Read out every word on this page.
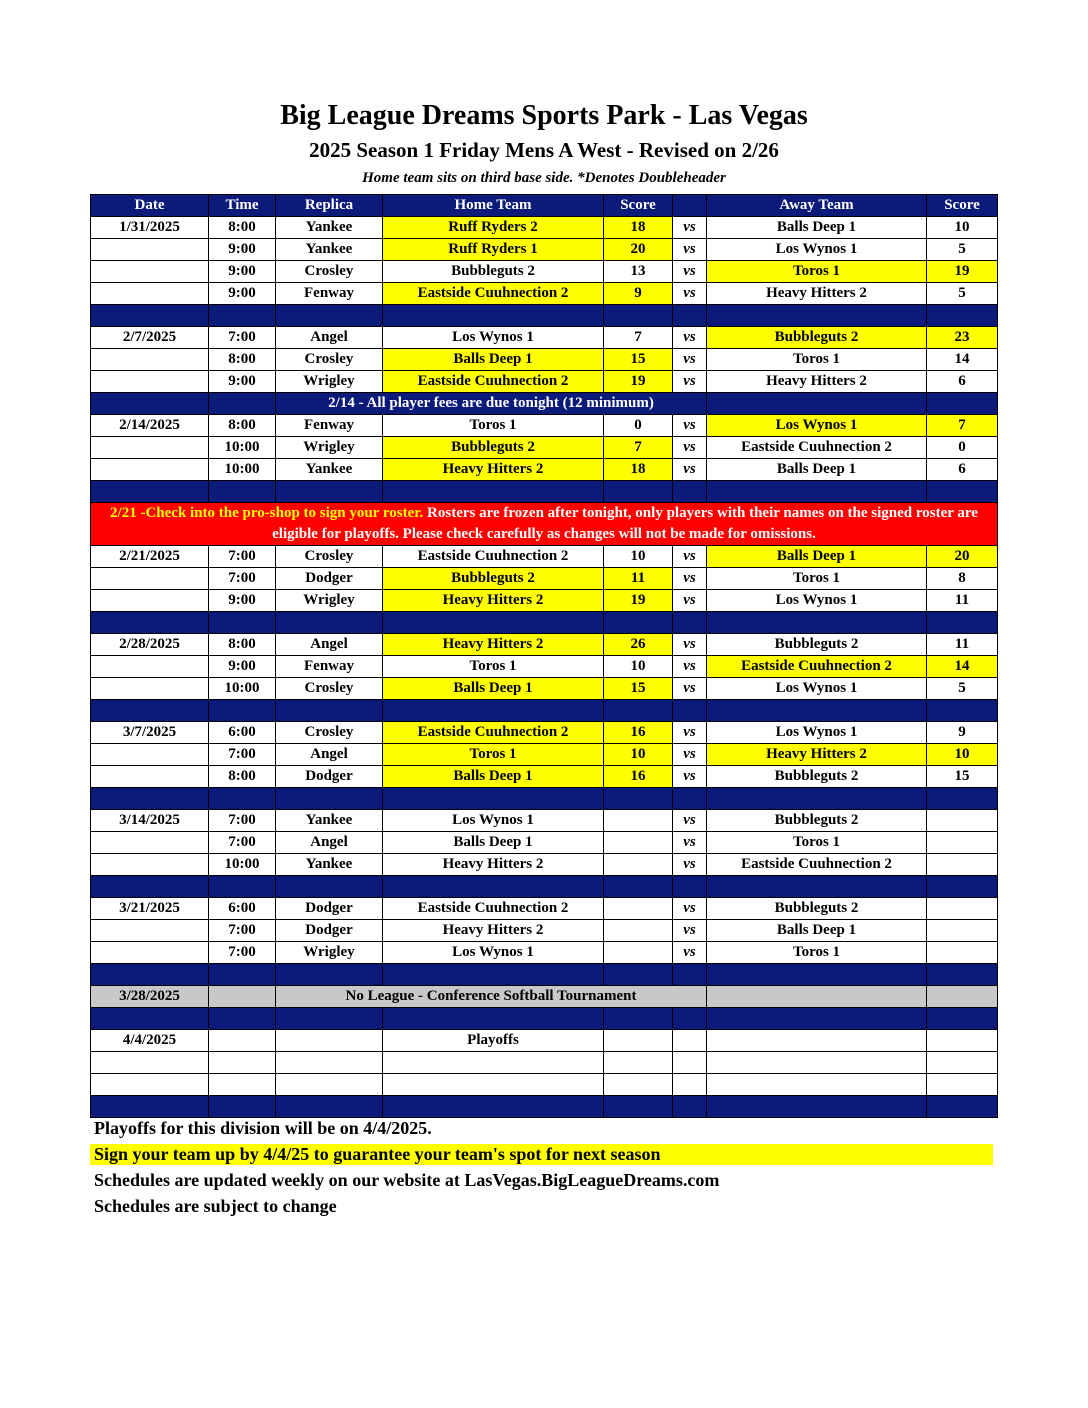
Big League Dreams Sports Park - Las Vegas
2025 Season 1 Friday Mens A West - Revised on 2/26
Home team sits on third base side. *Denotes Doubleheader
Date	Time	Replica	Home Team	Score		Away Team	Score
1/31/2025	8:00	Yankee	Ruff Ryders 2	18	vs	Balls Deep 1	10
	9:00	Yankee	Ruff Ryders 1	20	vs	Los Wynos 1	5
	9:00	Crosley	Bubbleguts 2	13	vs	Toros 1	19
	9:00	Fenway	Eastside Cuuhnection 2	9	vs	Heavy Hitters 2	5

2/7/2025	7:00	Angel	Los Wynos 1	7	vs	Bubbleguts 2	23
	8:00	Crosley	Balls Deep 1	15	vs	Toros 1	14
	9:00	Wrigley	Eastside Cuuhnection 2	19	vs	Heavy Hitters 2	6
		2/14 - All player fees are due tonight (12 minimum)					
2/14/2025	8:00	Fenway	Toros 1	0	vs	Los Wynos 1	7
	10:00	Wrigley	Bubbleguts 2	7	vs	Eastside Cuuhnection 2	0
	10:00	Yankee	Heavy Hitters 2	18	vs	Balls Deep 1	6

2/21 -Check into the pro-shop to sign your roster. Rosters are frozen after tonight, only players with their names on the signed roster are eligible for playoffs. Please check carefully as changes will not be made for omissions.							
2/21/2025	7:00	Crosley	Eastside Cuuhnection 2	10	vs	Balls Deep 1	20
	7:00	Dodger	Bubbleguts 2	11	vs	Toros 1	8
	9:00	Wrigley	Heavy Hitters 2	19	vs	Los Wynos 1	11

2/28/2025	8:00	Angel	Heavy Hitters 2	26	vs	Bubbleguts 2	11
	9:00	Fenway	Toros 1	10	vs	Eastside Cuuhnection 2	14
	10:00	Crosley	Balls Deep 1	15	vs	Los Wynos 1	5

3/7/2025	6:00	Crosley	Eastside Cuuhnection 2	16	vs	Los Wynos 1	9
	7:00	Angel	Toros 1	10	vs	Heavy Hitters 2	10
	8:00	Dodger	Balls Deep 1	16	vs	Bubbleguts 2	15

3/14/2025	7:00	Yankee	Los Wynos 1		vs	Bubbleguts 2	
	7:00	Angel	Balls Deep 1		vs	Toros 1	
	10:00	Yankee	Heavy Hitters 2		vs	Eastside Cuuhnection 2	

3/21/2025	6:00	Dodger	Eastside Cuuhnection 2		vs	Bubbleguts 2	
	7:00	Dodger	Heavy Hitters 2		vs	Balls Deep 1	
	7:00	Wrigley	Los Wynos 1		vs	Toros 1	

3/28/2025		No League - Conference Softball Tournament					

4/4/2025			Playoffs				

Playoffs for this division will be on 4/4/2025.
Sign your team up by 4/4/25 to guarantee your team's spot for next season
Schedules are updated weekly on our website at LasVegas.BigLeagueDreams.com
Schedules are subject to change
